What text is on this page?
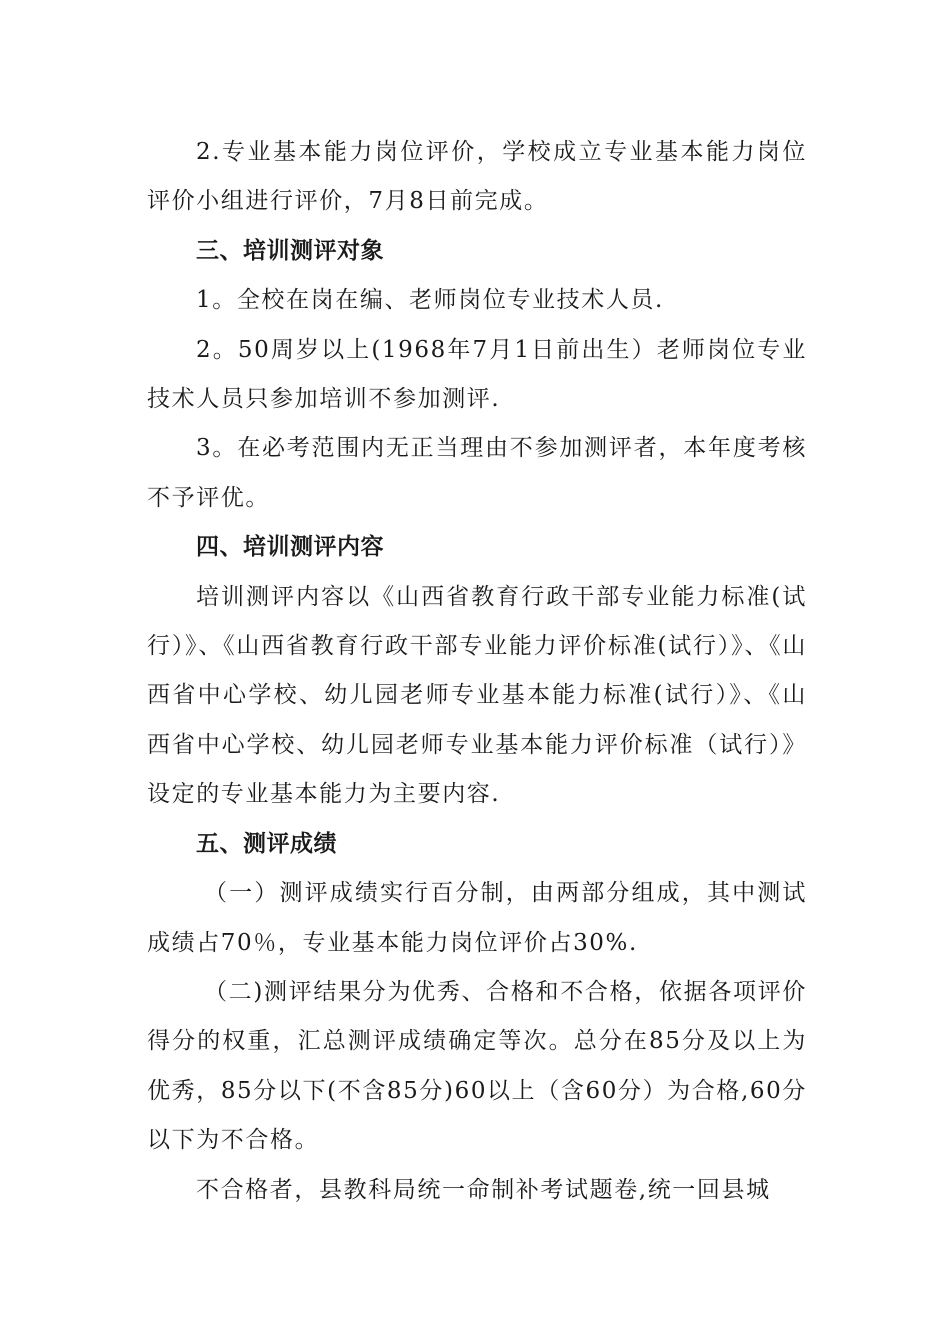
2.专业基本能力岗位评价，学校成立专业基本能力岗位评价小组进行评价，7月8日前完成。

三、培训测评对象

1。全校在岗在编、老师岗位专业技术人员.

2。50周岁以上(1968年7月1日前出生）老师岗位专业技术人员只参加培训不参加测评.

3。在必考范围内无正当理由不参加测评者，本年度考核不予评优。

四、培训测评内容

培训测评内容以《山西省教育行政干部专业能力标准(试行）》、《山西省教育行政干部专业能力评价标准(试行）》、《山西省中心学校、幼儿园老师专业基本能力标准(试行）》、《山西省中心学校、幼儿园老师专业基本能力评价标准（试行）》设定的专业基本能力为主要内容.

五、测评成绩

（一）测评成绩实行百分制，由两部分组成，其中测试成绩占70％，专业基本能力岗位评价占30%.

（二)测评结果分为优秀、合格和不合格，依据各项评价得分的权重，汇总测评成绩确定等次。总分在85分及以上为优秀，85分以下(不含85分)60以上（含60分）为合格,60分以下为不合格。

不合格者，县教科局统一命制补考试题卷,统一回县城
